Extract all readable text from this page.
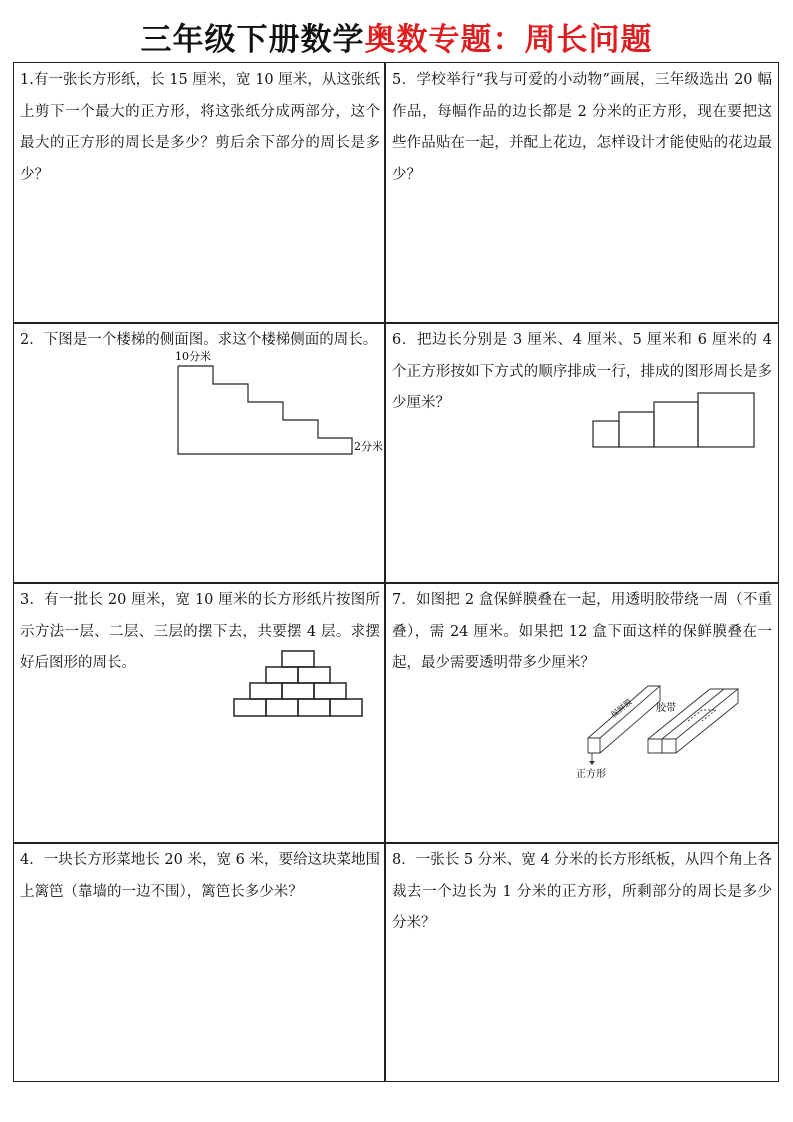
三年级下册数学奥数专题：周长问题

1.有一张长方形纸，长 15 厘米，宽 10 厘米，从这张纸上剪下一个最大的正方形，将这张纸分成两部分，这个最大的正方形的周长是多少？剪后余下部分的周长是多少？

5．学校举行“我与可爱的小动物”画展，三年级选出 20 幅作品，每幅作品的边长都是 2 分米的正方形，现在要把这些作品贴在一起，并配上花边，怎样设计才能使贴的花边最少？

2．下图是一个楼梯的侧面图。求这个楼梯侧面的周长。

10分米
2分米

6．把边长分别是 3 厘米、4 厘米、5 厘米和 6 厘米的 4 个正方形按如下方式的顺序排成一行，排成的图形周长是多少厘米？

3．有一批长 20 厘米，宽 10 厘米的长方形纸片按图所示方法一层、二层、三层的摆下去，共要摆 4 层。求摆好后图形的周长。

7．如图把 2 盒保鲜膜叠在一起，用透明胶带绕一周（不重叠），需 24 厘米。如果把 12 盒下面这样的保鲜膜叠在一起，最少需要透明带多少厘米？

保鲜膜 胶带
正方形

4．一块长方形菜地长 20 米，宽 6 米，要给这块菜地围上篱笆（靠墙的一边不围），篱笆长多少米？

8．一张长 5 分米、宽 4 分米的长方形纸板，从四个角上各裁去一个边长为 1 分米的正方形，所剩部分的周长是多少分米？
